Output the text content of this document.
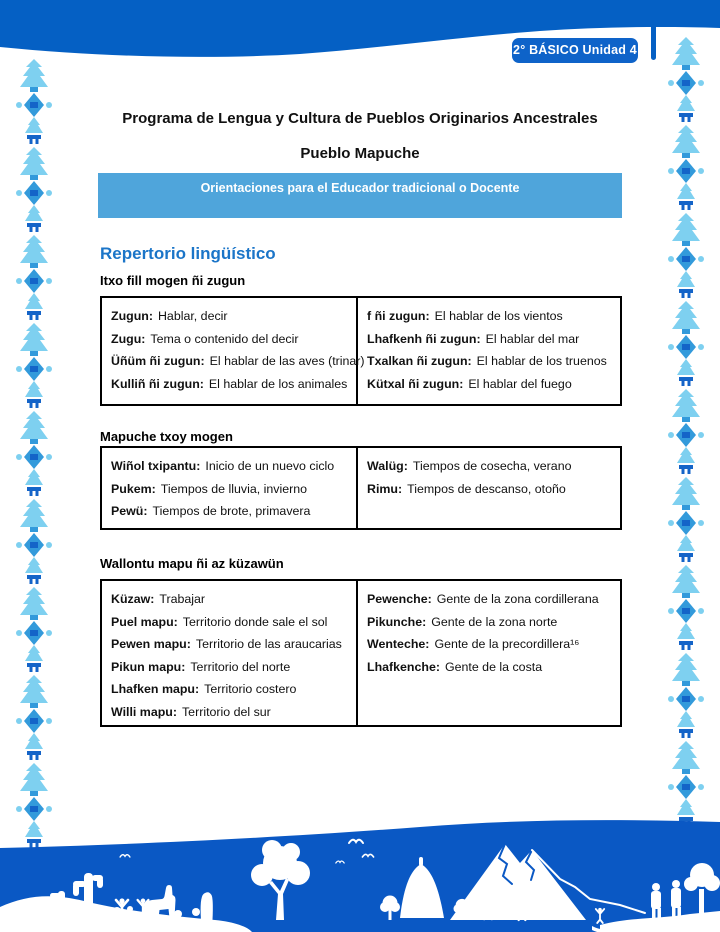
2° BÁSICO Unidad 4
Programa de Lengua y Cultura de Pueblos Originarios Ancestrales
Pueblo Mapuche
Orientaciones para el Educador tradicional o Docente
Repertorio lingüístico
Itxo fill mogen ñi zugun
Zugun: Hablar, decir
Zugu: Tema o contenido del decir
Üñüm ñi zugun: El hablar de las aves (trinar)
Kulliñ ñi zugun: El hablar de los animales
f ñi zugun: El hablar de los vientos
Lhafkenh ñi zugun: El hablar del mar
Txalkan ñi zugun: El hablar de los truenos
Kütxal ñi zugun: El hablar del fuego
Mapuche txoy mogen
Wiñol txipantu: Inicio de un nuevo ciclo
Pukem: Tiempos de lluvia, invierno
Pewü: Tiempos de brote, primavera
Walüg: Tiempos de cosecha, verano
Rimu: Tiempos de descanso, otoño
Wallontu mapu ñi az küzawün
Küzaw: Trabajar
Puel mapu: Territorio donde sale el sol
Pewen mapu: Territorio de las araucarias
Pikun mapu: Territorio del norte
Lhafken mapu: Territorio costero
Willi mapu: Territorio del sur
Pewenche: Gente de la zona cordillerana
Pikunche: Gente de la zona norte
Wenteche: Gente de la precordillera¹⁶
Lhafkenche: Gente de la costa
